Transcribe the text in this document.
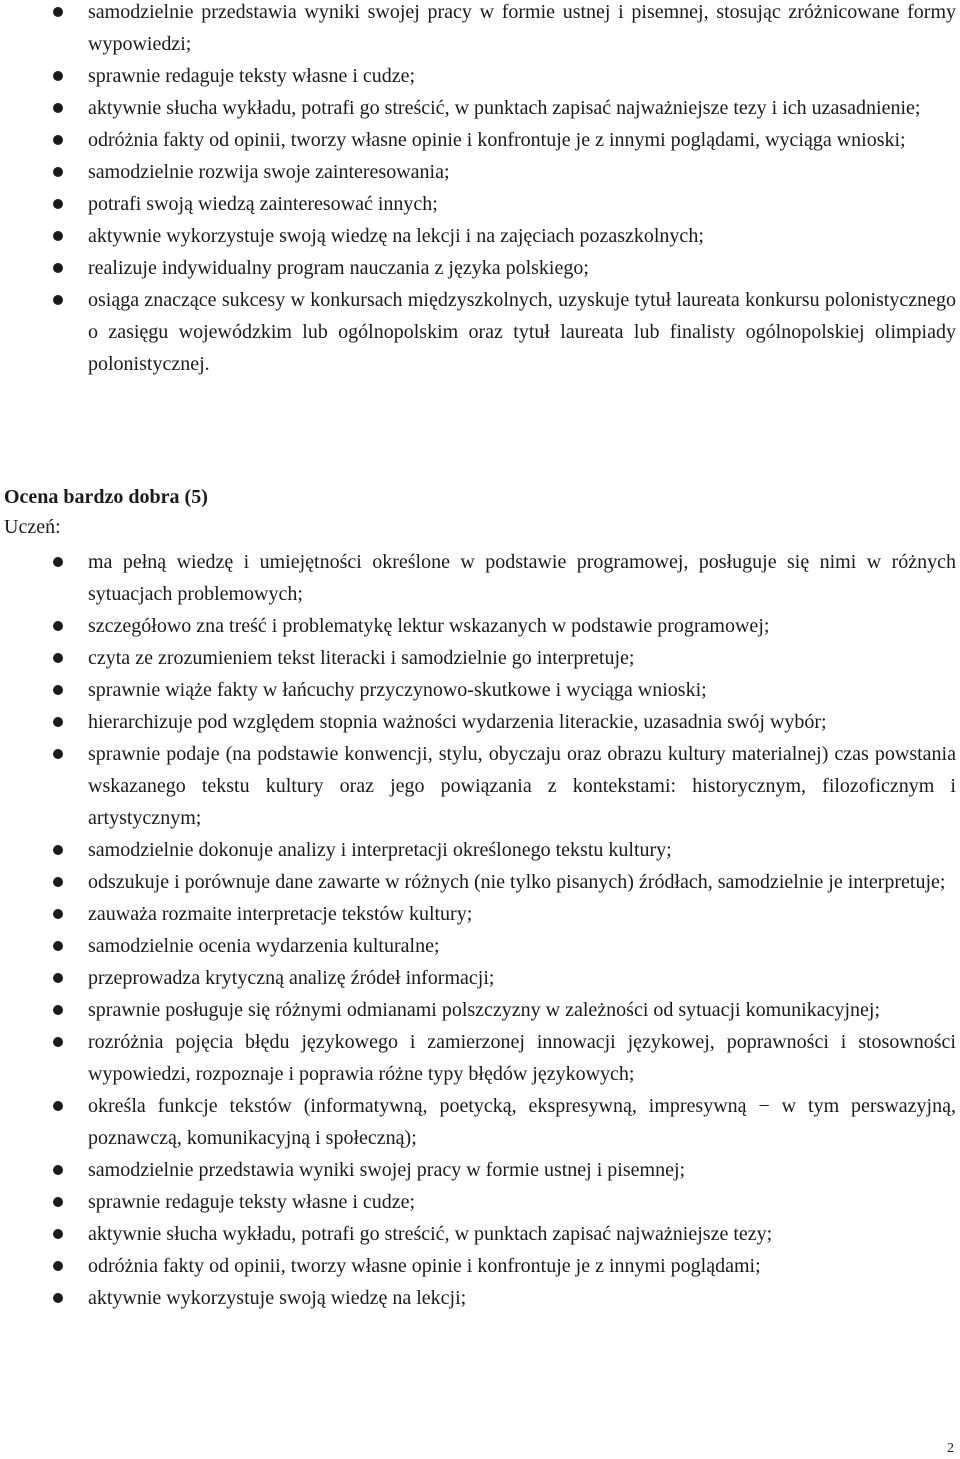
samodzielnie przedstawia wyniki swojej pracy w formie ustnej i pisemnej, stosując zróżnicowane formy wypowiedzi;
sprawnie redaguje teksty własne i cudze;
aktywnie słucha wykładu, potrafi go streścić, w punktach zapisać najważniejsze tezy i ich uzasadnienie;
odróżnia fakty od opinii, tworzy własne opinie i konfrontuje je z innymi poglądami, wyciąga wnioski;
samodzielnie rozwija swoje zainteresowania;
potrafi swoją wiedzą zainteresować innych;
aktywnie wykorzystuje swoją wiedzę na lekcji i na zajęciach pozaszkolnych;
realizuje indywidualny program nauczania z języka polskiego;
osiąga znaczące sukcesy w konkursach międzyszkolnych, uzyskuje tytuł laureata konkursu polonistycznego o zasięgu wojewódzkim lub ogólnopolskim oraz tytuł laureata lub finalisty ogólnopolskiej olimpiady polonistycznej.
Ocena bardzo dobra (5)
Uczeń:
ma pełną wiedzę i umiejętności określone w podstawie programowej, posługuje się nimi w różnych sytuacjach problemowych;
szczegółowo zna treść i problematykę lektur wskazanych w podstawie programowej;
czyta ze zrozumieniem tekst literacki i samodzielnie go interpretuje;
sprawnie wiąże fakty w łańcuchy przyczynowo-skutkowe i wyciąga wnioski;
hierarchizuje pod względem stopnia ważności wydarzenia literackie, uzasadnia swój wybór;
sprawnie podaje (na podstawie konwencji, stylu, obyczaju oraz obrazu kultury materialnej) czas powstania wskazanego tekstu kultury oraz jego powiązania z kontekstami: historycznym, filozoficznym i artystycznym;
samodzielnie dokonuje analizy i interpretacji określonego tekstu kultury;
odszukuje i porównuje dane zawarte w różnych (nie tylko pisanych) źródłach, samodzielnie je interpretuje;
zauważa rozmaite interpretacje tekstów kultury;
samodzielnie ocenia wydarzenia kulturalne;
przeprowadza krytyczną analizę źródeł informacji;
sprawnie posługuje się różnymi odmianami polszczyzny w zależności od sytuacji komunikacyjnej;
rozróżnia pojęcia błędu językowego i zamierzonej innowacji językowej, poprawności i stosowności wypowiedzi, rozpoznaje i poprawia różne typy błędów językowych;
określa funkcje tekstów (informatywną, poetycką, ekspresywną, impresywną − w tym perswazyjną, poznawczą, komunikacyjną i społeczną);
samodzielnie przedstawia wyniki swojej pracy w formie ustnej i pisemnej;
sprawnie redaguje teksty własne i cudze;
aktywnie słucha wykładu, potrafi go streścić, w punktach zapisać najważniejsze tezy;
odróżnia fakty od opinii, tworzy własne opinie i konfrontuje je z innymi poglądami;
aktywnie wykorzystuje swoją wiedzę na lekcji;
2
